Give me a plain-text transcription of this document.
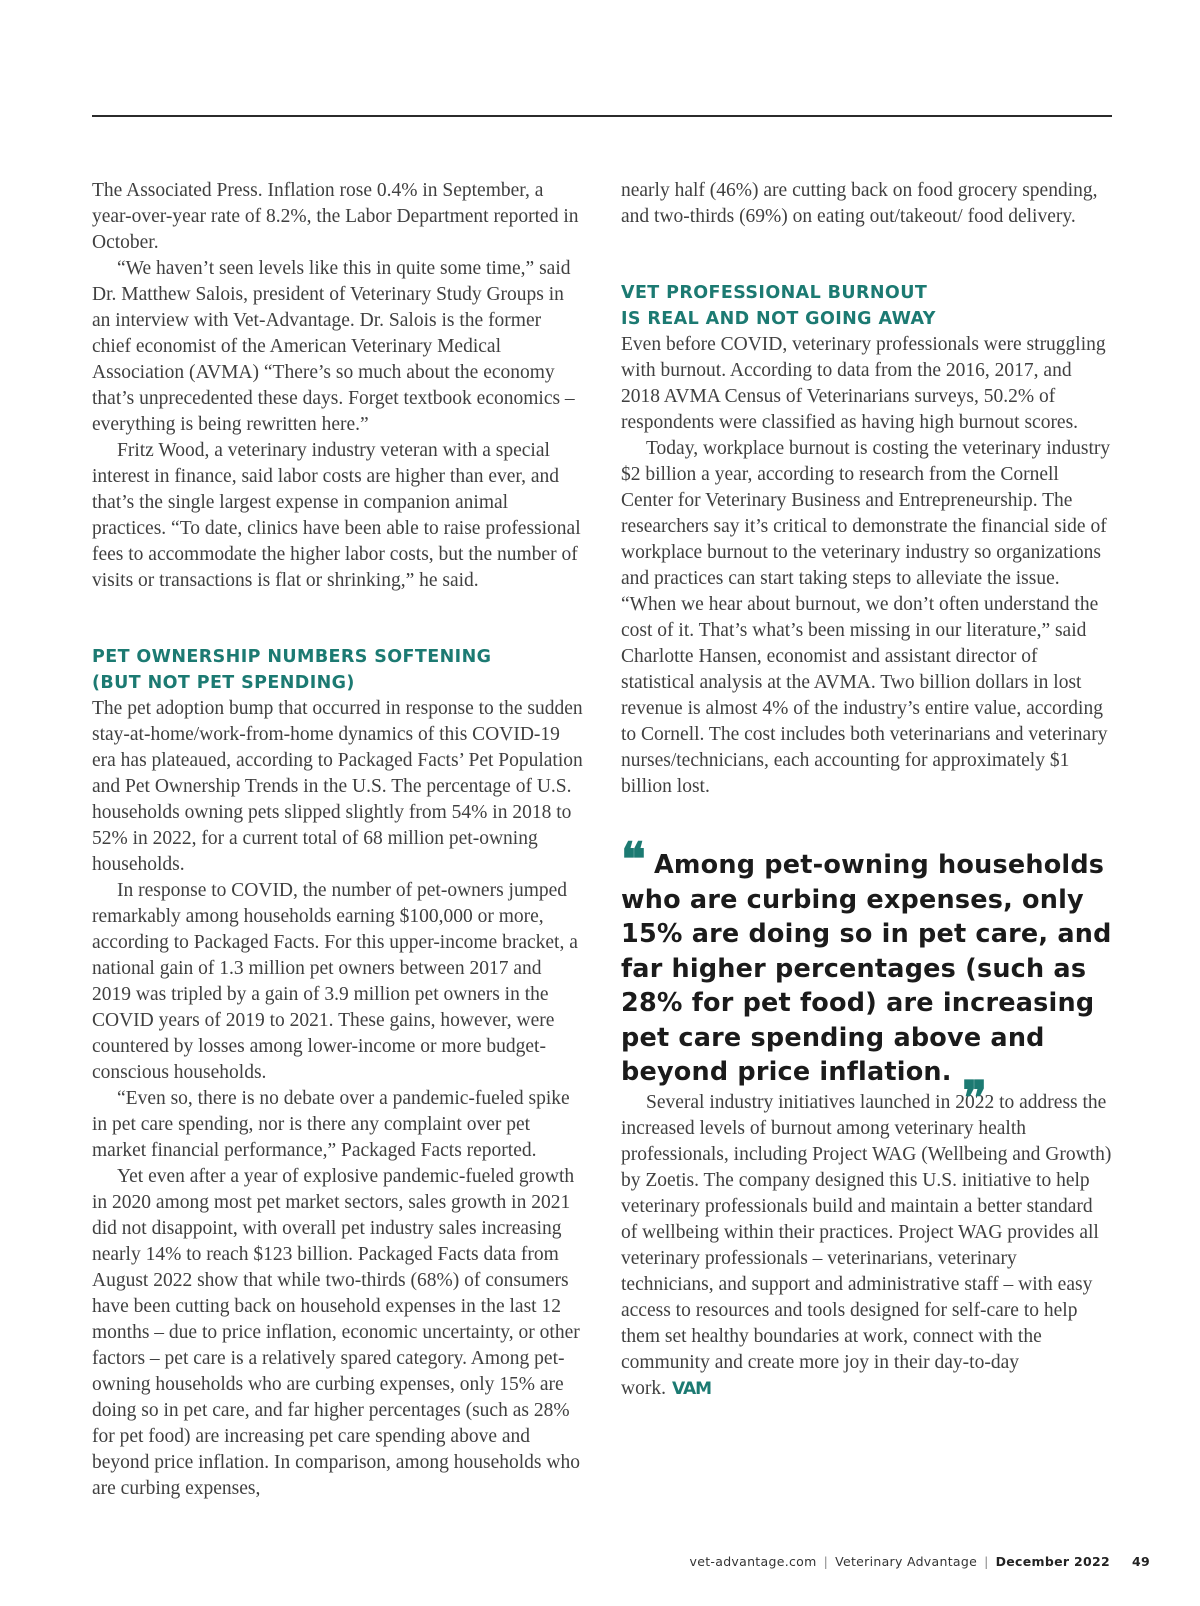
The Associated Press. Inflation rose 0.4% in September, a year-over-year rate of 8.2%, the Labor Department reported in October.

“We haven’t seen levels like this in quite some time,” said Dr. Matthew Salois, president of Veterinary Study Groups in an interview with Vet-Advantage. Dr. Salois is the former chief economist of the American Veterinary Medical Association (AVMA) “There’s so much about the economy that’s unprecedented these days. Forget textbook economics – everything is being rewritten here.”

Fritz Wood, a veterinary industry veteran with a special interest in finance, said labor costs are higher than ever, and that’s the single largest expense in companion animal practices. “To date, clinics have been able to raise professional fees to accommodate the higher labor costs, but the number of visits or transactions is flat or shrinking,” he said.

PET OWNERSHIP NUMBERS SOFTENING
(BUT NOT PET SPENDING)

The pet adoption bump that occurred in response to the sudden stay-at-home/work-from-home dynamics of this COVID-19 era has plateaued, according to Packaged Facts’ Pet Population and Pet Ownership Trends in the U.S. The percentage of U.S. households owning pets slipped slightly from 54% in 2018 to 52% in 2022, for a current total of 68 million pet-owning households.

In response to COVID, the number of pet-owners jumped remarkably among households earning $100,000 or more, according to Packaged Facts. For this upper-income bracket, a national gain of 1.3 million pet owners between 2017 and 2019 was tripled by a gain of 3.9 million pet owners in the COVID years of 2019 to 2021. These gains, however, were countered by losses among lower-income or more budget-conscious households.

“Even so, there is no debate over a pandemic-fueled spike in pet care spending, nor is there any complaint over pet market financial performance,” Packaged Facts reported.

Yet even after a year of explosive pandemic-fueled growth in 2020 among most pet market sectors, sales growth in 2021 did not disappoint, with overall pet industry sales increasing nearly 14% to reach $123 billion. Packaged Facts data from August 2022 show that while two-thirds (68%) of consumers have been cutting back on household expenses in the last 12 months – due to price inflation, economic uncertainty, or other factors – pet care is a relatively spared category. Among pet-owning households who are curbing expenses, only 15% are doing so in pet care, and far higher percentages (such as 28% for pet food) are increasing pet care spending above and beyond price inflation. In comparison, among households who are curbing expenses,

nearly half (46%) are cutting back on food grocery spending, and two-thirds (69%) on eating out/takeout/ food delivery.

VET PROFESSIONAL BURNOUT
IS REAL AND NOT GOING AWAY

Even before COVID, veterinary professionals were struggling with burnout. According to data from the 2016, 2017, and 2018 AVMA Census of Veterinarians surveys, 50.2% of respondents were classified as having high burnout scores.

Today, workplace burnout is costing the veterinary industry $2 billion a year, according to research from the Cornell Center for Veterinary Business and Entrepreneurship. The researchers say it’s critical to demonstrate the financial side of workplace burnout to the veterinary industry so organizations and practices can start taking steps to alleviate the issue. “When we hear about burnout, we don’t often understand the cost of it. That’s what’s been missing in our literature,” said Charlotte Hansen, economist and assistant director of statistical analysis at the AVMA. Two billion dollars in lost revenue is almost 4% of the industry’s entire value, according to Cornell. The cost includes both veterinarians and veterinary nurses/technicians, each accounting for approximately $1 billion lost.

❝ Among pet-owning households who are curbing expenses, only 15% are doing so in pet care, and far higher percentages (such as 28% for pet food) are increasing pet care spending above and beyond price inflation. ❝

Several industry initiatives launched in 2022 to address the increased levels of burnout among veterinary health professionals, including Project WAG (Wellbeing and Growth) by Zoetis. The company designed this U.S. initiative to help veterinary professionals build and maintain a better standard of wellbeing within their practices. Project WAG provides all veterinary professionals – veterinarians, veterinary technicians, and support and administrative staff – with easy access to resources and tools designed for self-care to help them set healthy boundaries at work, connect with the community and create more joy in their day-to-day work. VAM

vet-advantage.com | Veterinary Advantage | December 2022 49
